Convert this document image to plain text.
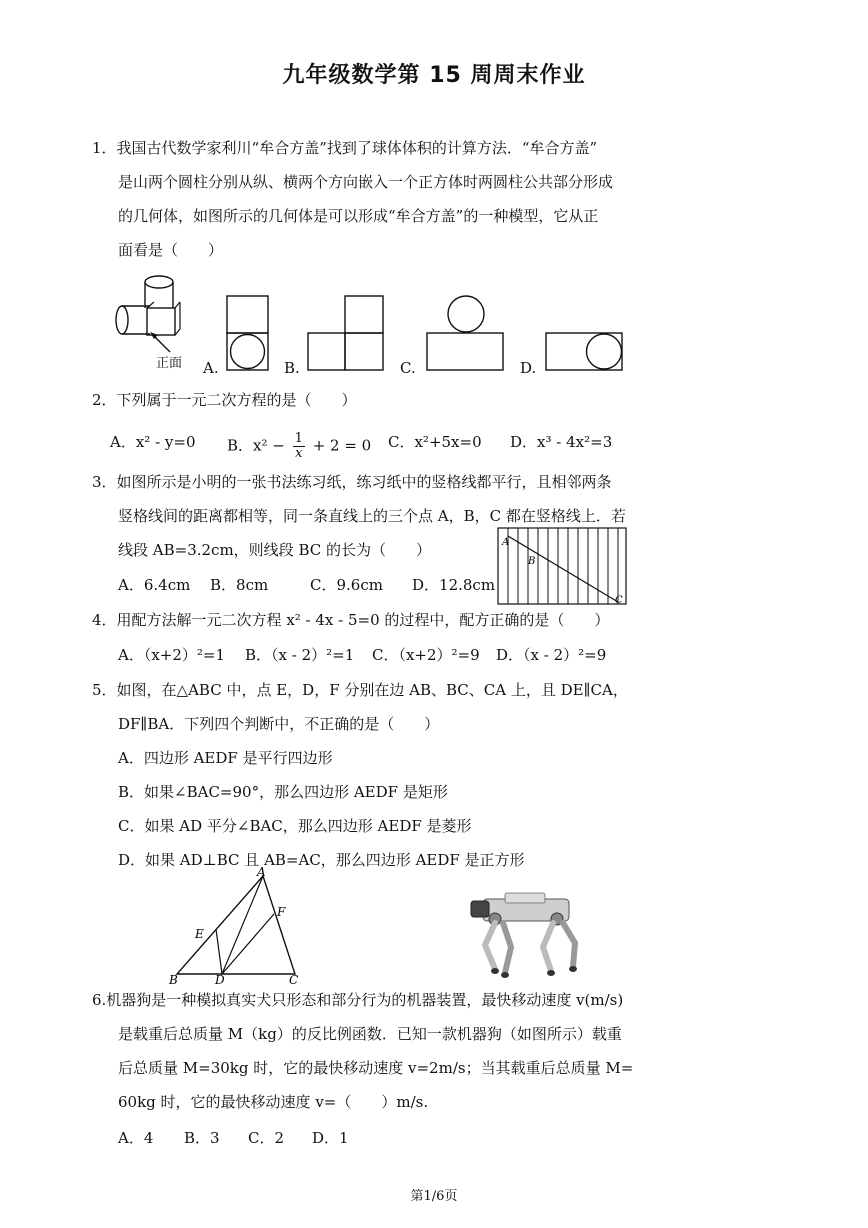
九年级数学第 15 周周末作业
1．我国古代数学家利川“牟合方盖”找到了球体体积的计算方法．“牟合方盖”
是山两个圆柱分别从纵、横两个方向嵌入一个正方体时两圆柱公共部分形成
的几何体，如图所示的几何体是可以形成“牟合方盖”的一种模型，它从正
面看是（　　）
正面 A.	B.	C.	D.
2．下列属于一元二次方程的是（　　）
A．x² - y=0 B．$x^2 - \frac{1}{x} + 2 = 0$ C．x²+5x=0 D．x³ - 4x²=3
3．如图所示是小明的一张书法练习纸，练习纸中的竖格线都平行，且相邻两条
竖格线间的距离都相等，同一条直线上的三个点 A，B，C 都在竖格线上．若
线段 AB=3.2cm，则线段 BC 的长为（　　）
A．6.4cm B．8cm	C．9.6cm D．12.8cm
A
B
C
4．用配方法解一元二次方程 x² - 4x - 5=0 的过程中，配方正确的是（　　）
A．（x+2）²=1 B．（x - 2）²=1 C．（x+2）²=9 D．（x - 2）²=9
5．如图，在△ABC 中，点 E，D，F 分别在边 AB、BC、CA 上，且 DE∥CA，
DF∥BA．下列四个判断中，不正确的是（　　）
A．四边形 AEDF 是平行四边形
B．如果∠BAC=90°，那么四边形 AEDF 是矩形
C．如果 AD 平分∠BAC，那么四边形 AEDF 是菱形
D．如果 AD⊥BC 且 AB=AC，那么四边形 AEDF 是正方形
A
E
F
B	D	C
6.机器狗是一种模拟真实犬只形态和部分行为的机器装置，最快移动速度 v(m/s)
是载重后总质量 M（kg）的反比例函数．已知一款机器狗（如图所示）载重
后总质量 M=30kg 时，它的最快移动速度 v=2m/s；当其载重后总质量 M=
60kg 时，它的最快移动速度 v=（　　）m/s.
A．4 B．3 C．2 D．1
第1/6页
